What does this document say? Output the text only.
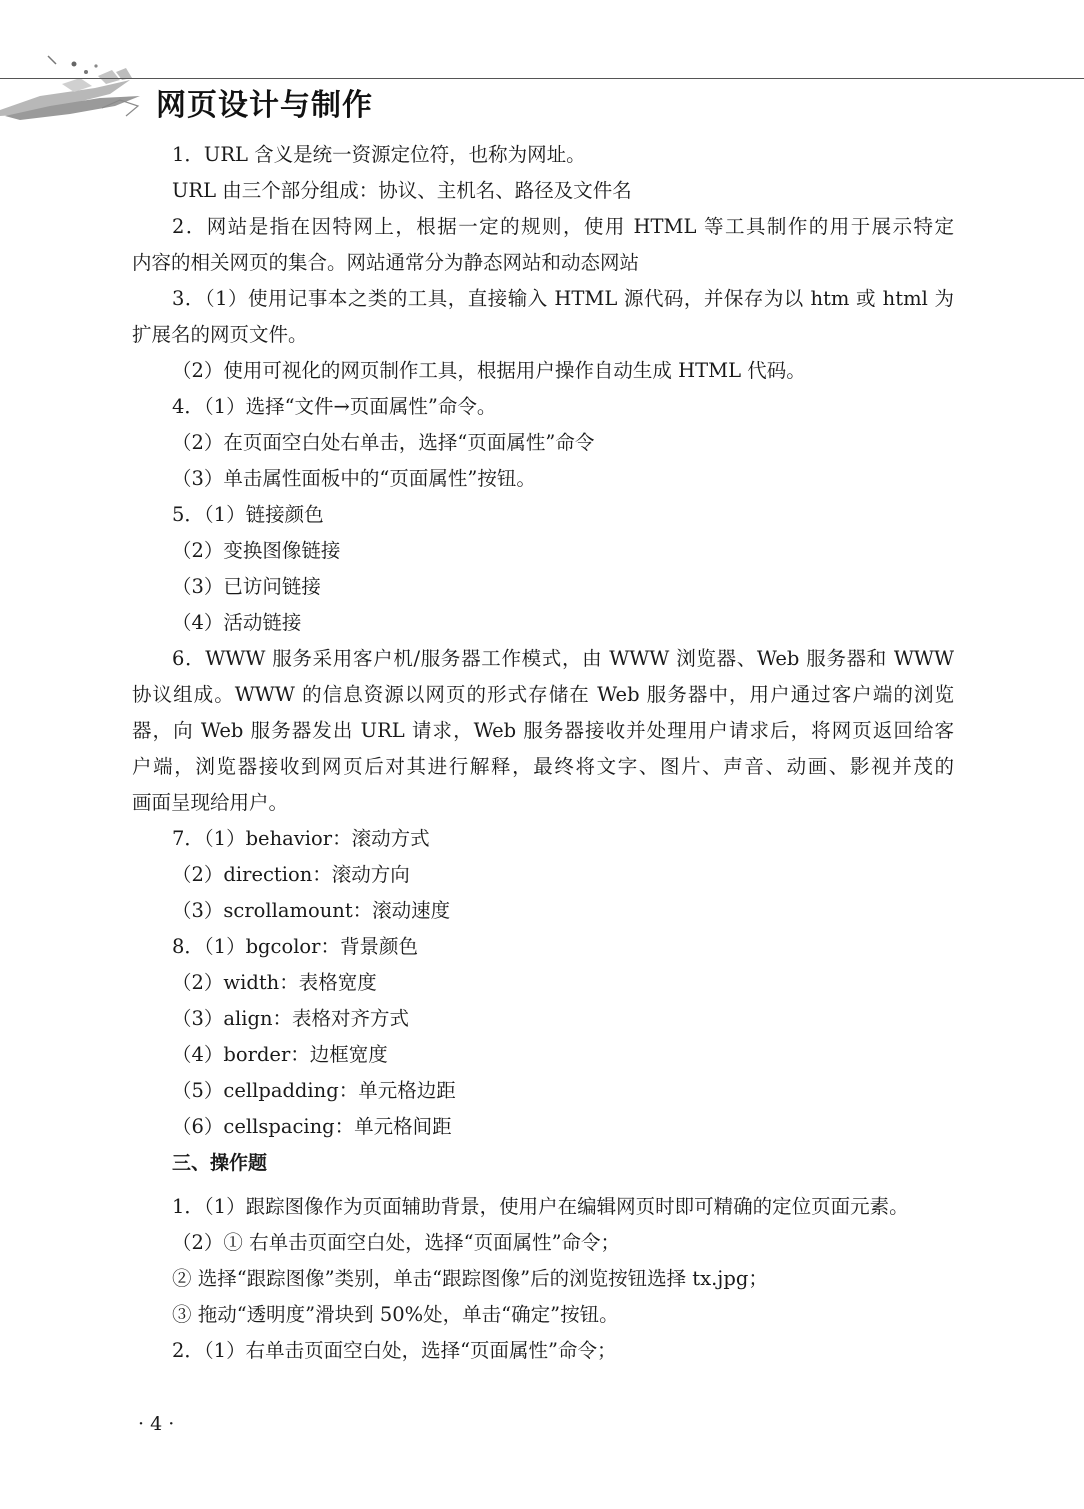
网页设计与制作
1．URL 含义是统一资源定位符，也称为网址。
URL 由三个部分组成：协议、主机名、路径及文件名
2．网站是指在因特网上，根据一定的规则，使用 HTML 等工具制作的用于展示特定
内容的相关网页的集合。网站通常分为静态网站和动态网站
3．（1）使用记事本之类的工具，直接输入 HTML 源代码，并保存为以 htm 或 html 为
扩展名的网页文件。
（2）使用可视化的网页制作工具，根据用户操作自动生成 HTML 代码。
4．（1）选择“文件→页面属性”命令。
（2）在页面空白处右单击，选择“页面属性”命令
（3）单击属性面板中的“页面属性”按钮。
5．（1）链接颜色
（2）变换图像链接
（3）已访问链接
（4）活动链接
6．WWW 服务采用客户机/服务器工作模式，由 WWW 浏览器、Web 服务器和 WWW
协议组成。WWW 的信息资源以网页的形式存储在 Web 服务器中，用户通过客户端的浏览
器，向 Web 服务器发出 URL 请求，Web 服务器接收并处理用户请求后，将网页返回给客
户端，浏览器接收到网页后对其进行解释，最终将文字、图片、声音、动画、影视并茂的
画面呈现给用户。
7．（1）behavior：滚动方式
（2）direction：滚动方向
（3）scrollamount：滚动速度
8．（1）bgcolor：背景颜色
（2）width：表格宽度
（3）align：表格对齐方式
（4）border：边框宽度
（5）cellpadding：单元格边距
（6）cellspacing：单元格间距
三、操作题
1．（1）跟踪图像作为页面辅助背景，使用户在编辑网页时即可精确的定位页面元素。
（2）① 右单击页面空白处，选择“页面属性”命令；
② 选择“跟踪图像”类别，单击“跟踪图像”后的浏览按钮选择 tx.jpg；
③ 拖动“透明度”滑块到 50%处，单击“确定”按钮。
2．（1）右单击页面空白处，选择“页面属性”命令；
· 4 ·
